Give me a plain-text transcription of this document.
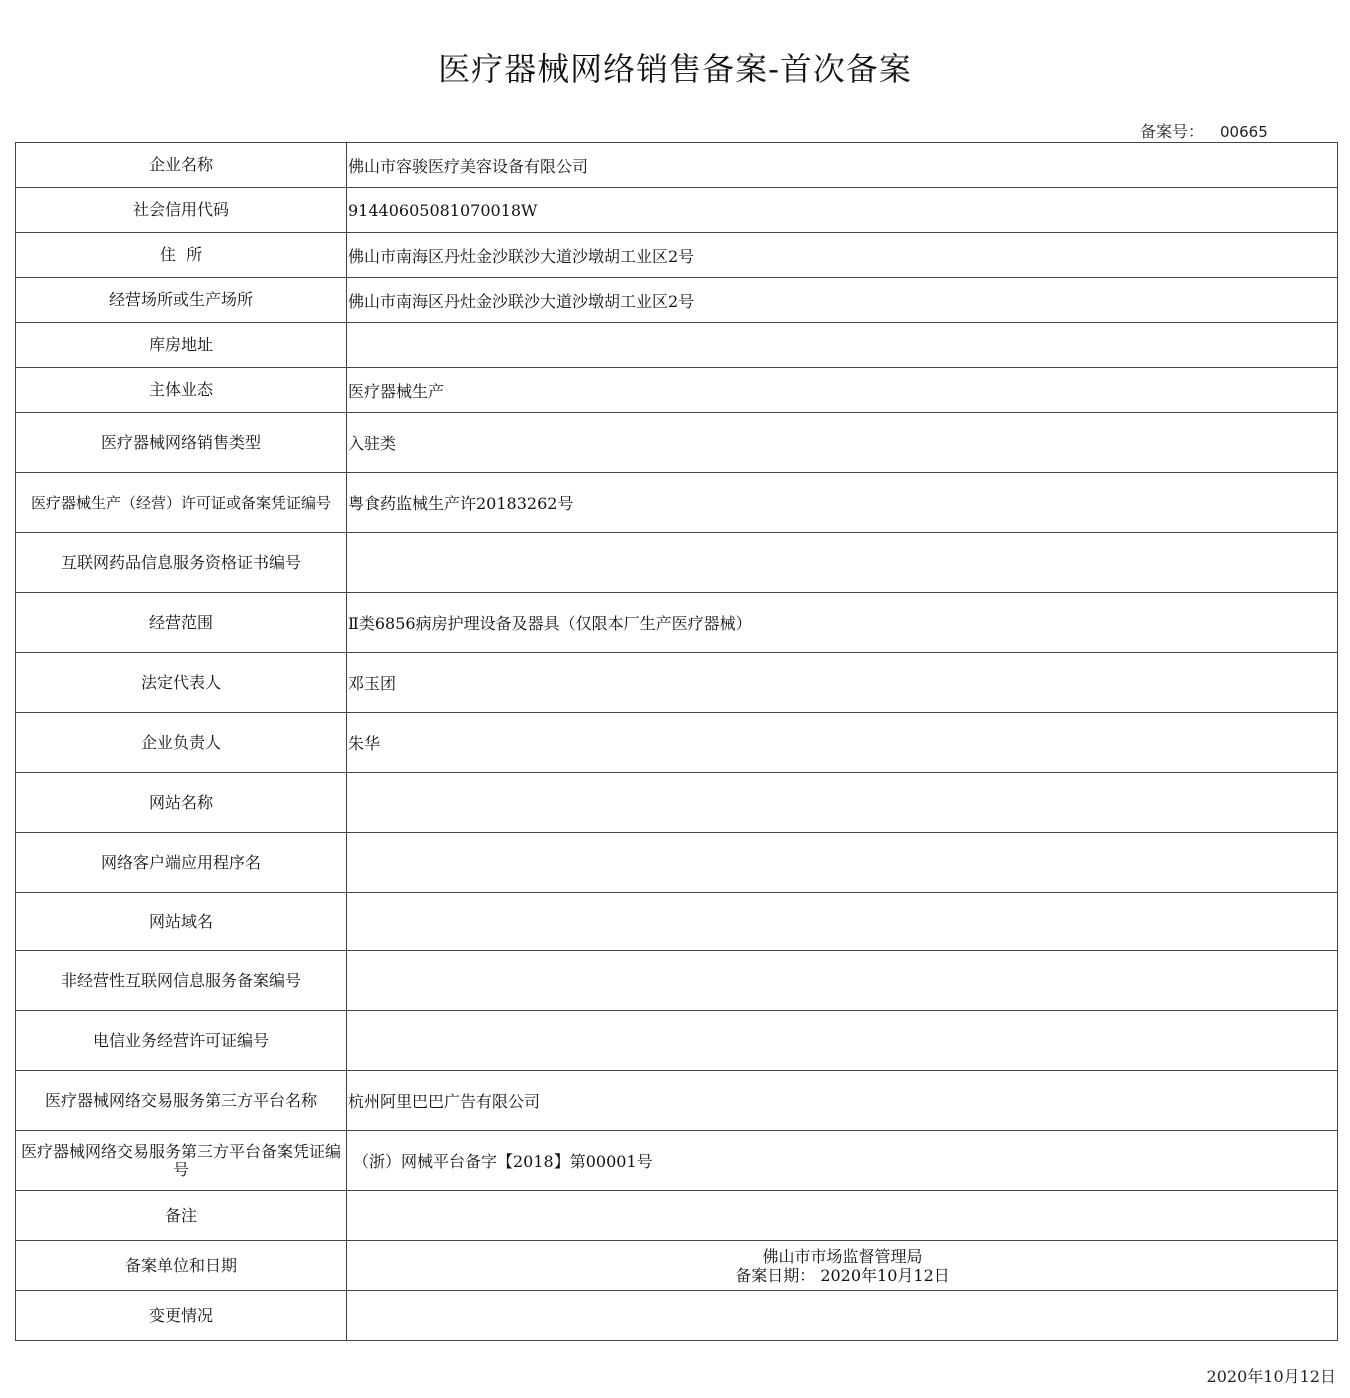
医疗器械网络销售备案-首次备案
备案号： 00665
企业名称	佛山市容骏医疗美容设备有限公司
社会信用代码	91440605081070018W
住  所	佛山市南海区丹灶金沙联沙大道沙墩胡工业区2号
经营场所或生产场所	佛山市南海区丹灶金沙联沙大道沙墩胡工业区2号
库房地址	
主体业态	医疗器械生产
医疗器械网络销售类型	入驻类
医疗器械生产（经营）许可证或备案凭证编号	粤食药监械生产许20183262号
互联网药品信息服务资格证书编号	
经营范围	Ⅱ类6856病房护理设备及器具（仅限本厂生产医疗器械）
法定代表人	邓玉团
企业负责人	朱华
网站名称	
网络客户端应用程序名	
网站域名	
非经营性互联网信息服务备案编号	
电信业务经营许可证编号	
医疗器械网络交易服务第三方平台名称	杭州阿里巴巴广告有限公司
医疗器械网络交易服务第三方平台备案凭证编号	（浙）网械平台备字【2018】第00001号
备注	
备案单位和日期	佛山市市场监督管理局
备案日期： 2020年10月12日

变更情况	
2020年10月12日
